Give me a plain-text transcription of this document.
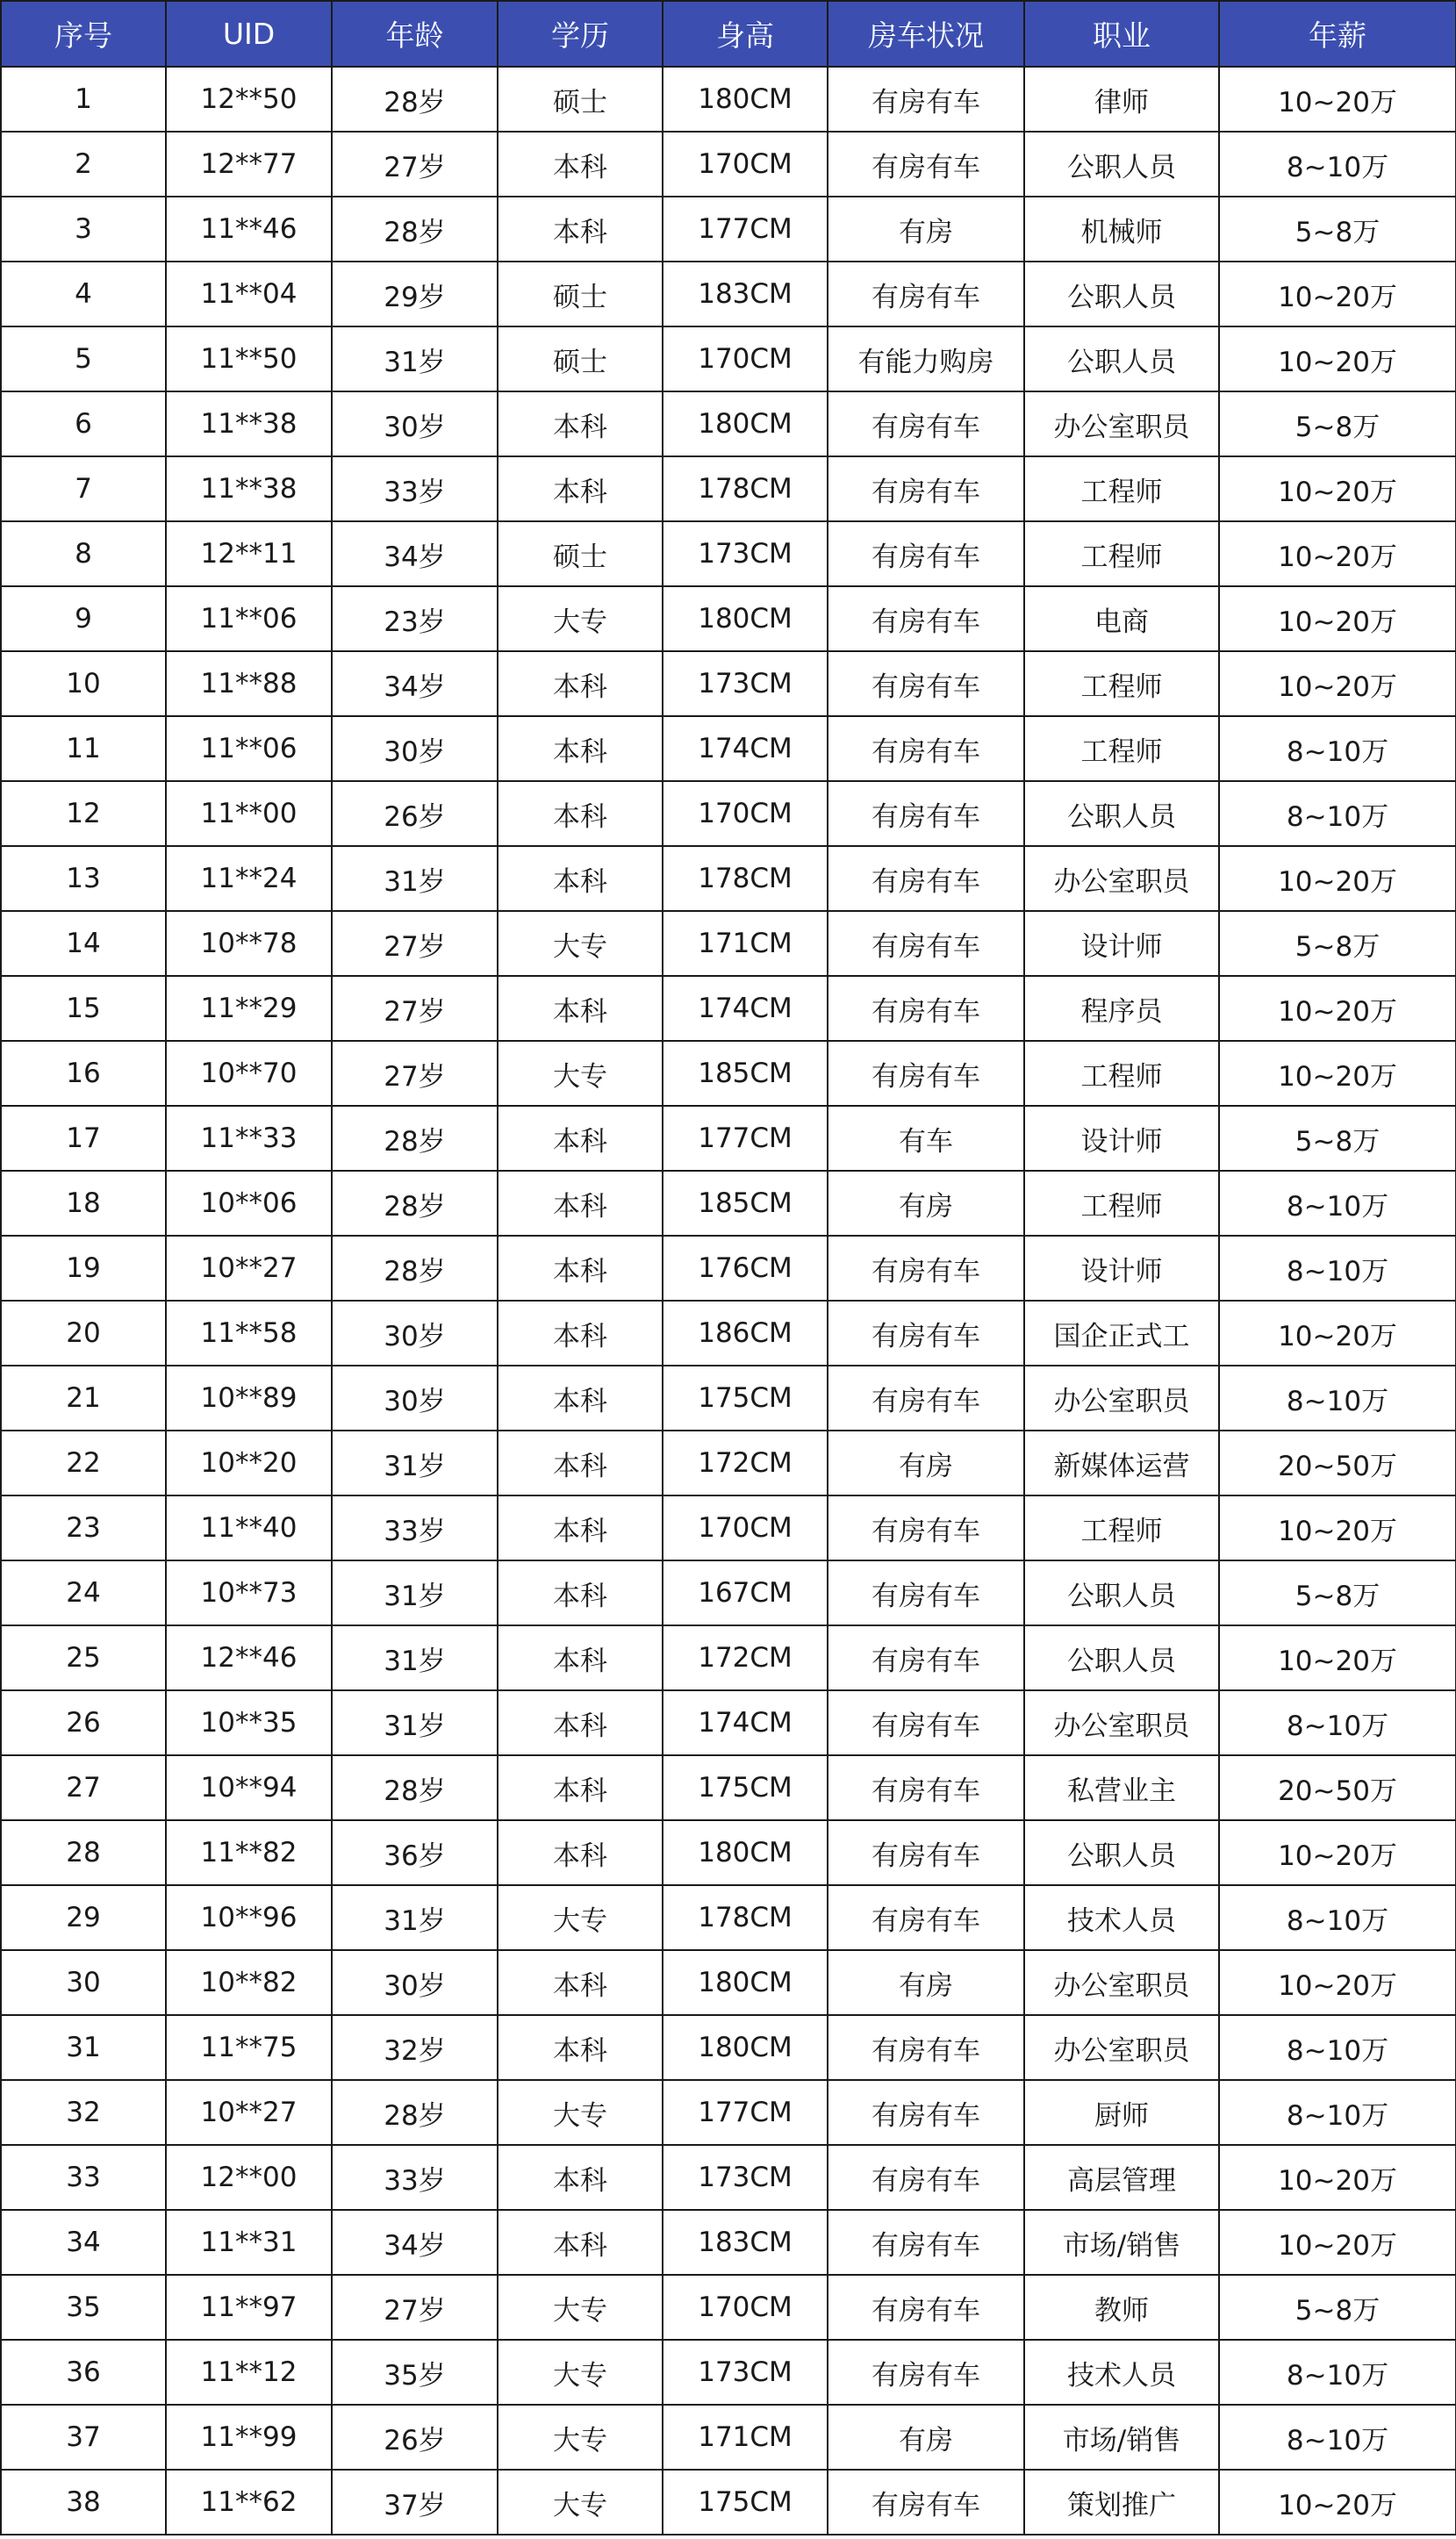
序号	UID	年龄	学历	身高	房车状况	职业	年薪
1	12**50	28岁	硕士	180CM	有房有车	律师	10~20万
2	12**77	27岁	本科	170CM	有房有车	公职人员	8~10万
3	11**46	28岁	本科	177CM	有房	机械师	5~8万
4	11**04	29岁	硕士	183CM	有房有车	公职人员	10~20万
5	11**50	31岁	硕士	170CM	有能力购房	公职人员	10~20万
6	11**38	30岁	本科	180CM	有房有车	办公室职员	5~8万
7	11**38	33岁	本科	178CM	有房有车	工程师	10~20万
8	12**11	34岁	硕士	173CM	有房有车	工程师	10~20万
9	11**06	23岁	大专	180CM	有房有车	电商	10~20万
10	11**88	34岁	本科	173CM	有房有车	工程师	10~20万
11	11**06	30岁	本科	174CM	有房有车	工程师	8~10万
12	11**00	26岁	本科	170CM	有房有车	公职人员	8~10万
13	11**24	31岁	本科	178CM	有房有车	办公室职员	10~20万
14	10**78	27岁	大专	171CM	有房有车	设计师	5~8万
15	11**29	27岁	本科	174CM	有房有车	程序员	10~20万
16	10**70	27岁	大专	185CM	有房有车	工程师	10~20万
17	11**33	28岁	本科	177CM	有车	设计师	5~8万
18	10**06	28岁	本科	185CM	有房	工程师	8~10万
19	10**27	28岁	本科	176CM	有房有车	设计师	8~10万
20	11**58	30岁	本科	186CM	有房有车	国企正式工	10~20万
21	10**89	30岁	本科	175CM	有房有车	办公室职员	8~10万
22	10**20	31岁	本科	172CM	有房	新媒体运营	20~50万
23	11**40	33岁	本科	170CM	有房有车	工程师	10~20万
24	10**73	31岁	本科	167CM	有房有车	公职人员	5~8万
25	12**46	31岁	本科	172CM	有房有车	公职人员	10~20万
26	10**35	31岁	本科	174CM	有房有车	办公室职员	8~10万
27	10**94	28岁	本科	175CM	有房有车	私营业主	20~50万
28	11**82	36岁	本科	180CM	有房有车	公职人员	10~20万
29	10**96	31岁	大专	178CM	有房有车	技术人员	8~10万
30	10**82	30岁	本科	180CM	有房	办公室职员	10~20万
31	11**75	32岁	本科	180CM	有房有车	办公室职员	8~10万
32	10**27	28岁	大专	177CM	有房有车	厨师	8~10万
33	12**00	33岁	本科	173CM	有房有车	高层管理	10~20万
34	11**31	34岁	本科	183CM	有房有车	市场/销售	10~20万
35	11**97	27岁	大专	170CM	有房有车	教师	5~8万
36	11**12	35岁	大专	173CM	有房有车	技术人员	8~10万
37	11**99	26岁	大专	171CM	有房	市场/销售	8~10万
38	11**62	37岁	大专	175CM	有房有车	策划推广	10~20万
